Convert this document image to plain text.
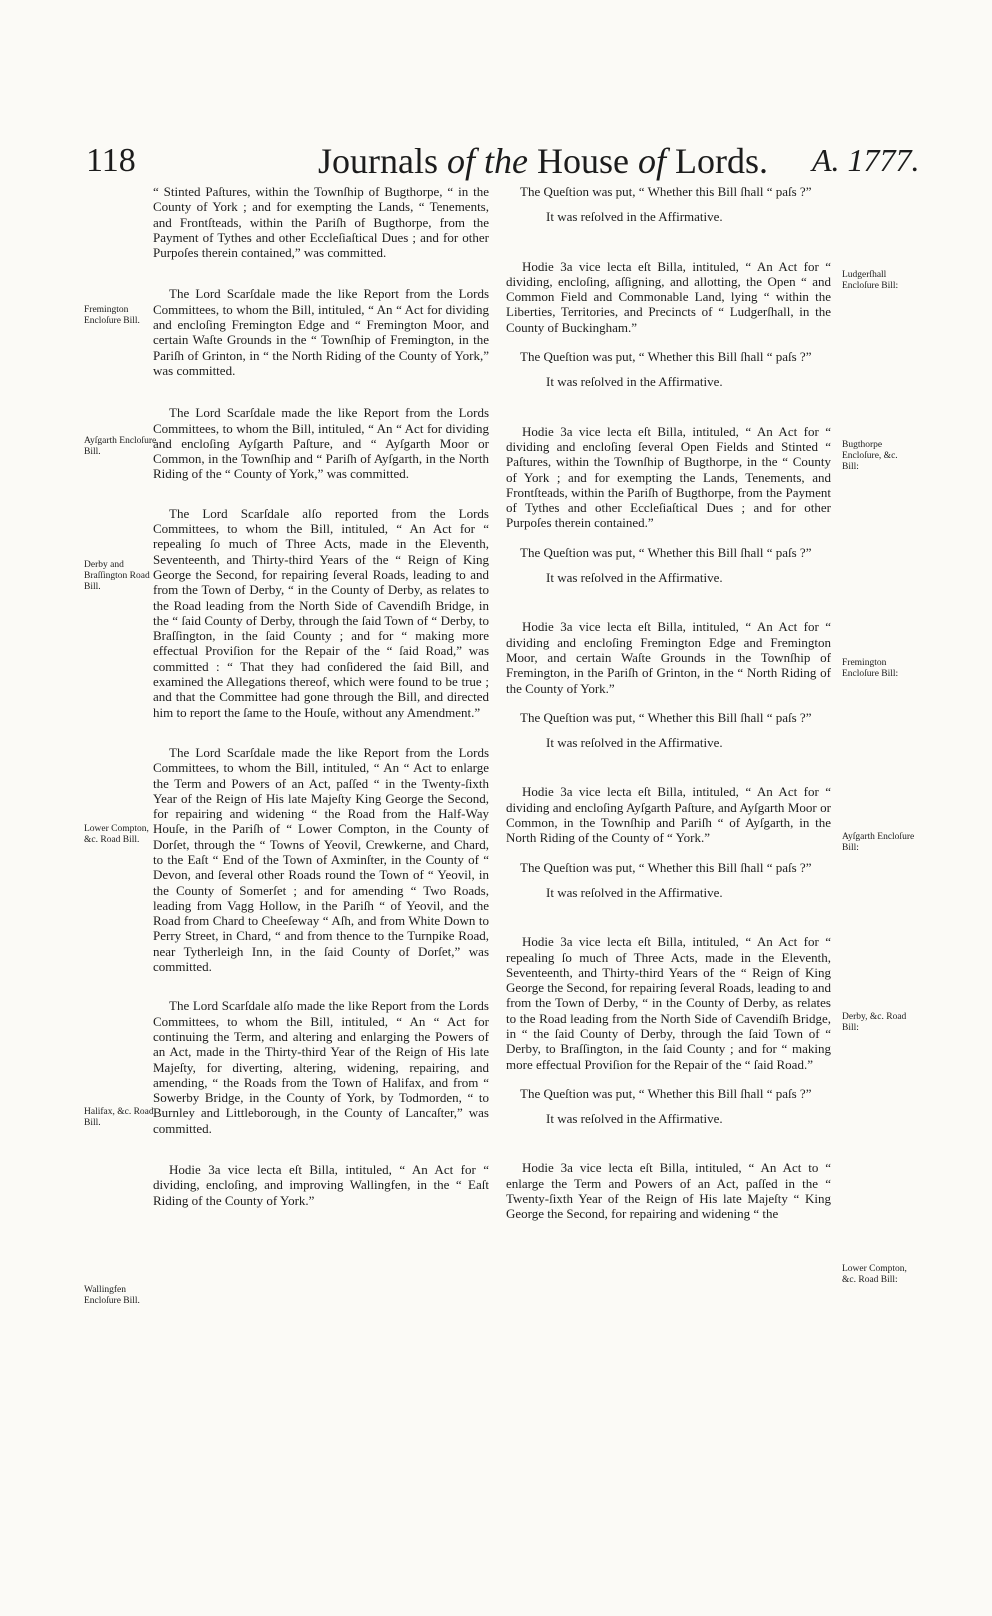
118	Journals of the House of Lords. A. 1777.
Fremington Encloſure Bill.
Ayſgarth Encloſure Bill.
Derby and Braſſington Road Bill.
Lower Compton, &c. Road Bill.
Halifax, &c. Road Bill.
Wallingfen Encloſure Bill.
Ludgerſhall Encloſure Bill:
Bugthorpe Encloſure, &c. Bill:
Fremington Encloſure Bill:
Ayſgarth Encloſure Bill:
Derby, &c. Road Bill:
Lower Compton, &c. Road Bill:

“ Stinted Paſtures, within the Townſhip of Bugthorpe, “ in the County of York ; and for exempting the Lands, “ Tenements, and Frontſteads, within the Pariſh of Bugthorpe, from the Payment of Tythes and other Eccleſiaſtical Dues ; and for other Purpoſes therein contained,” was committed.

The Lord Scarſdale made the like Report from the Lords Committees, to whom the Bill, intituled, “ An “ Act for dividing and encloſing Fremington Edge and “ Fremington Moor, and certain Waſte Grounds in the “ Townſhip of Fremington, in the Pariſh of Grinton, in “ the North Riding of the County of York,” was committed.

The Lord Scarſdale made the like Report from the Lords Committees, to whom the Bill, intituled, “ An “ Act for dividing and encloſing Ayſgarth Paſture, and “ Ayſgarth Moor or Common, in the Townſhip and “ Pariſh of Ayſgarth, in the North Riding of the “ County of York,” was committed.

The Lord Scarſdale alſo reported from the Lords Committees, to whom the Bill, intituled, “ An Act for “ repealing ſo much of Three Acts, made in the Eleventh, Seventeenth, and Thirty-third Years of the “ Reign of King George the Second, for repairing ſeveral Roads, leading to and from the Town of Derby, “ in the County of Derby, as relates to the Road leading from the North Side of Cavendiſh Bridge, in the “ ſaid County of Derby, through the ſaid Town of “ Derby, to Braſſington, in the ſaid County ; and for “ making more effectual Proviſion for the Repair of the “ ſaid Road,” was committed : “ That they had conſidered the ſaid Bill, and examined the Allegations thereof, which were found to be true ; and that the Committee had gone through the Bill, and directed him to report the ſame to the Houſe, without any Amendment.”

The Lord Scarſdale made the like Report from the Lords Committees, to whom the Bill, intituled, “ An “ Act to enlarge the Term and Powers of an Act, paſſed “ in the Twenty-ſixth Year of the Reign of His late Majeſty King George the Second, for repairing and widening “ the Road from the Half-Way Houſe, in the Pariſh of “ Lower Compton, in the County of Dorſet, through the “ Towns of Yeovil, Crewkerne, and Chard, to the Eaſt “ End of the Town of Axminſter, in the County of “ Devon, and ſeveral other Roads round the Town of “ Yeovil, in the County of Somerſet ; and for amending “ Two Roads, leading from Vagg Hollow, in the Pariſh “ of Yeovil, and the Road from Chard to Cheeſeway “ Aſh, and from White Down to Perry Street, in Chard, “ and from thence to the Turnpike Road, near Tytherleigh Inn, in the ſaid County of Dorſet,” was committed.

The Lord Scarſdale alſo made the like Report from the Lords Committees, to whom the Bill, intituled, “ An “ Act for continuing the Term, and altering and enlarging the Powers of an Act, made in the Thirty-third Year of the Reign of His late Majeſty, for diverting, altering, widening, repairing, and amending, “ the Roads from the Town of Halifax, and from “ Sowerby Bridge, in the County of York, by Todmorden, “ to Burnley and Littleborough, in the County of Lancaſter,” was committed.

Hodie 3a vice lecta eſt Billa, intituled, “ An Act for “ dividing, encloſing, and improving Wallingfen, in the “ Eaſt Riding of the County of York.”

The Queſtion was put, “ Whether this Bill ſhall “ paſs ?”

It was reſolved in the Affirmative.

Hodie 3a vice lecta eſt Billa, intituled, “ An Act for “ dividing, encloſing, aſſigning, and allotting, the Open “ and Common Field and Commonable Land, lying “ within the Liberties, Territories, and Precincts of “ Ludgerſhall, in the County of Buckingham.”

The Queſtion was put, “ Whether this Bill ſhall “ paſs ?”

It was reſolved in the Affirmative.

Hodie 3a vice lecta eſt Billa, intituled, “ An Act for “ dividing and encloſing ſeveral Open Fields and Stinted “ Paſtures, within the Townſhip of Bugthorpe, in the “ County of York ; and for exempting the Lands, Tenements, and Frontſteads, within the Pariſh of Bugthorpe, from the Payment of Tythes and other Eccleſiaſtical Dues ; and for other Purpoſes therein contained.”

The Queſtion was put, “ Whether this Bill ſhall “ paſs ?”

It was reſolved in the Affirmative.

Hodie 3a vice lecta eſt Billa, intituled, “ An Act for “ dividing and encloſing Fremington Edge and Fremington Moor, and certain Waſte Grounds in the Townſhip of Fremington, in the Pariſh of Grinton, in the “ North Riding of the County of York.”

The Queſtion was put, “ Whether this Bill ſhall “ paſs ?”

It was reſolved in the Affirmative.

Hodie 3a vice lecta eſt Billa, intituled, “ An Act for “ dividing and encloſing Ayſgarth Paſture, and Ayſgarth Moor or Common, in the Townſhip and Pariſh “ of Ayſgarth, in the North Riding of the County of “ York.”

The Queſtion was put, “ Whether this Bill ſhall “ paſs ?”

It was reſolved in the Affirmative.

Hodie 3a vice lecta eſt Billa, intituled, “ An Act for “ repealing ſo much of Three Acts, made in the Eleventh, Seventeenth, and Thirty-third Years of the “ Reign of King George the Second, for repairing ſeveral Roads, leading to and from the Town of Derby, “ in the County of Derby, as relates to the Road leading from the North Side of Cavendiſh Bridge, in “ the ſaid County of Derby, through the ſaid Town of “ Derby, to Braſſington, in the ſaid County ; and for “ making more effectual Proviſion for the Repair of the “ ſaid Road.”

The Queſtion was put, “ Whether this Bill ſhall “ paſs ?”

It was reſolved in the Affirmative.

Hodie 3a vice lecta eſt Billa, intituled, “ An Act to “ enlarge the Term and Powers of an Act, paſſed in the “ Twenty-ſixth Year of the Reign of His late Majeſty “ King George the Second, for repairing and widening “ the
